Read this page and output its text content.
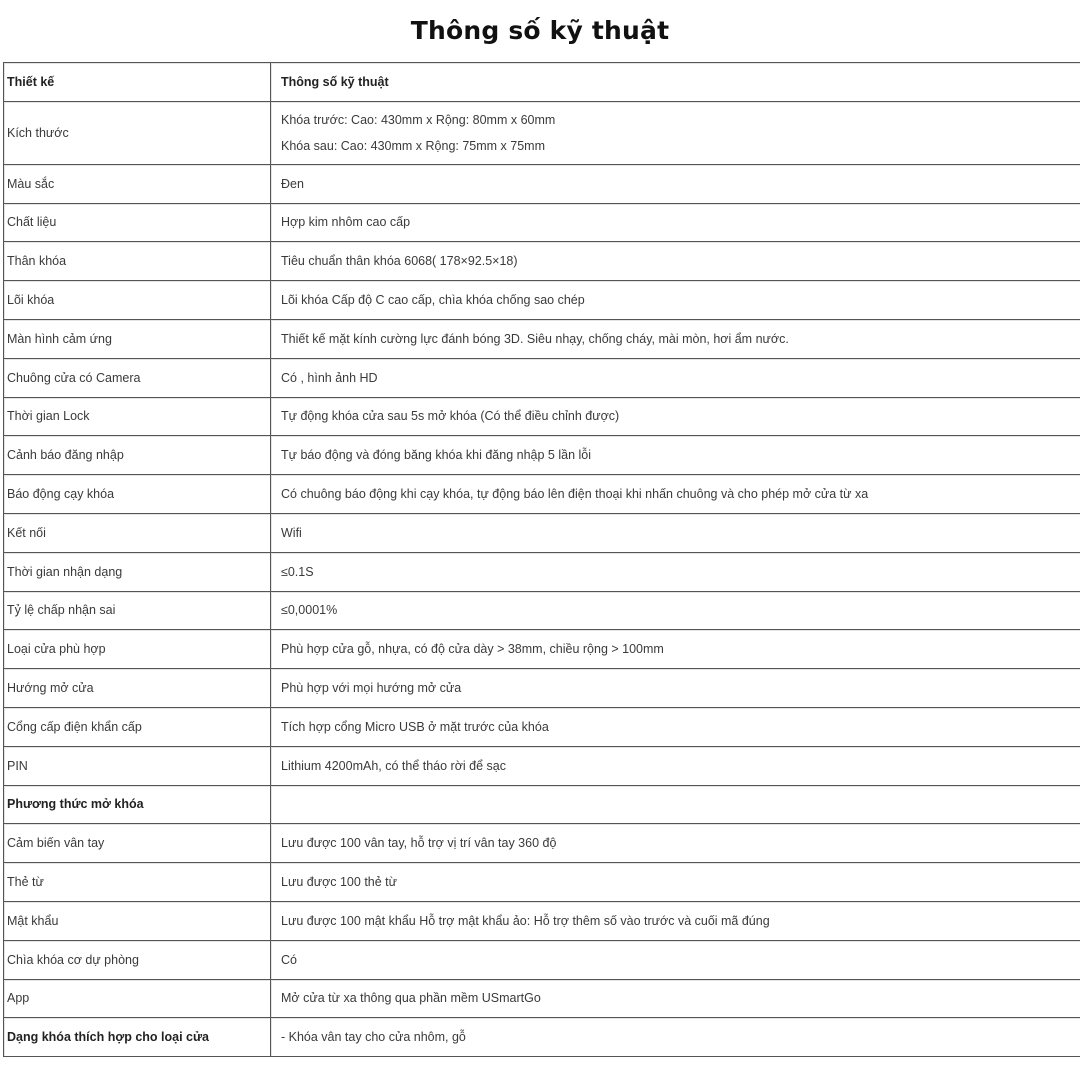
Thông số kỹ thuật
Thiết kế	Thông số kỹ thuật
Kích thước	Khóa trước: Cao: 430mm x Rộng: 80mm x 60mm
Khóa sau: Cao: 430mm x Rộng: 75mm x 75mm

Màu sắc	Đen
Chất liệu	Hợp kim nhôm cao cấp
Thân khóa	Tiêu chuẩn thân khóa 6068( 178×92.5×18)
Lõi khóa	Lõi khóa Cấp độ C cao cấp, chìa khóa chống sao chép
Màn hình cảm ứng	Thiết kế mặt kính cường lực đánh bóng 3D. Siêu nhạy, chống cháy, mài mòn, hơi ẩm nước.
Chuông cửa có Camera	Có , hình ảnh HD
Thời gian Lock	Tự động khóa cửa sau 5s mở khóa (Có thể điều chỉnh được)
Cảnh báo đăng nhập	Tự báo động và đóng băng khóa khi đăng nhập 5 lần lỗi
Báo động cạy khóa	Có chuông báo động khi cạy khóa, tự động báo lên điện thoại khi nhấn chuông và cho phép mở cửa từ xa
Kết nối	Wifi
Thời gian nhận dạng	≤0.1S
Tỷ lệ chấp nhận sai	≤0,0001%
Loại cửa phù hợp	Phù hợp cửa gỗ, nhựa, có độ cửa dày > 38mm, chiều rộng > 100mm
Hướng mở cửa	Phù hợp với mọi hướng mở cửa
Cổng cấp điện khẩn cấp	Tích hợp cổng Micro USB ở mặt trước của khóa
PIN	Lithium 4200mAh, có thể tháo rời để sạc
Phương thức mở khóa	
Cảm biến vân tay	Lưu được 100 vân tay, hỗ trợ vị trí vân tay 360 độ
Thẻ từ	Lưu được 100 thẻ từ
Mật khẩu	Lưu được 100 mật khẩu Hỗ trợ mật khẩu ảo: Hỗ trợ thêm số vào trước và cuối mã đúng
Chìa khóa cơ dự phòng	Có
App	Mở cửa từ xa thông qua phần mềm USmartGo
Dạng khóa thích hợp cho loại cửa	- Khóa vân tay cho cửa nhôm, gỗ
